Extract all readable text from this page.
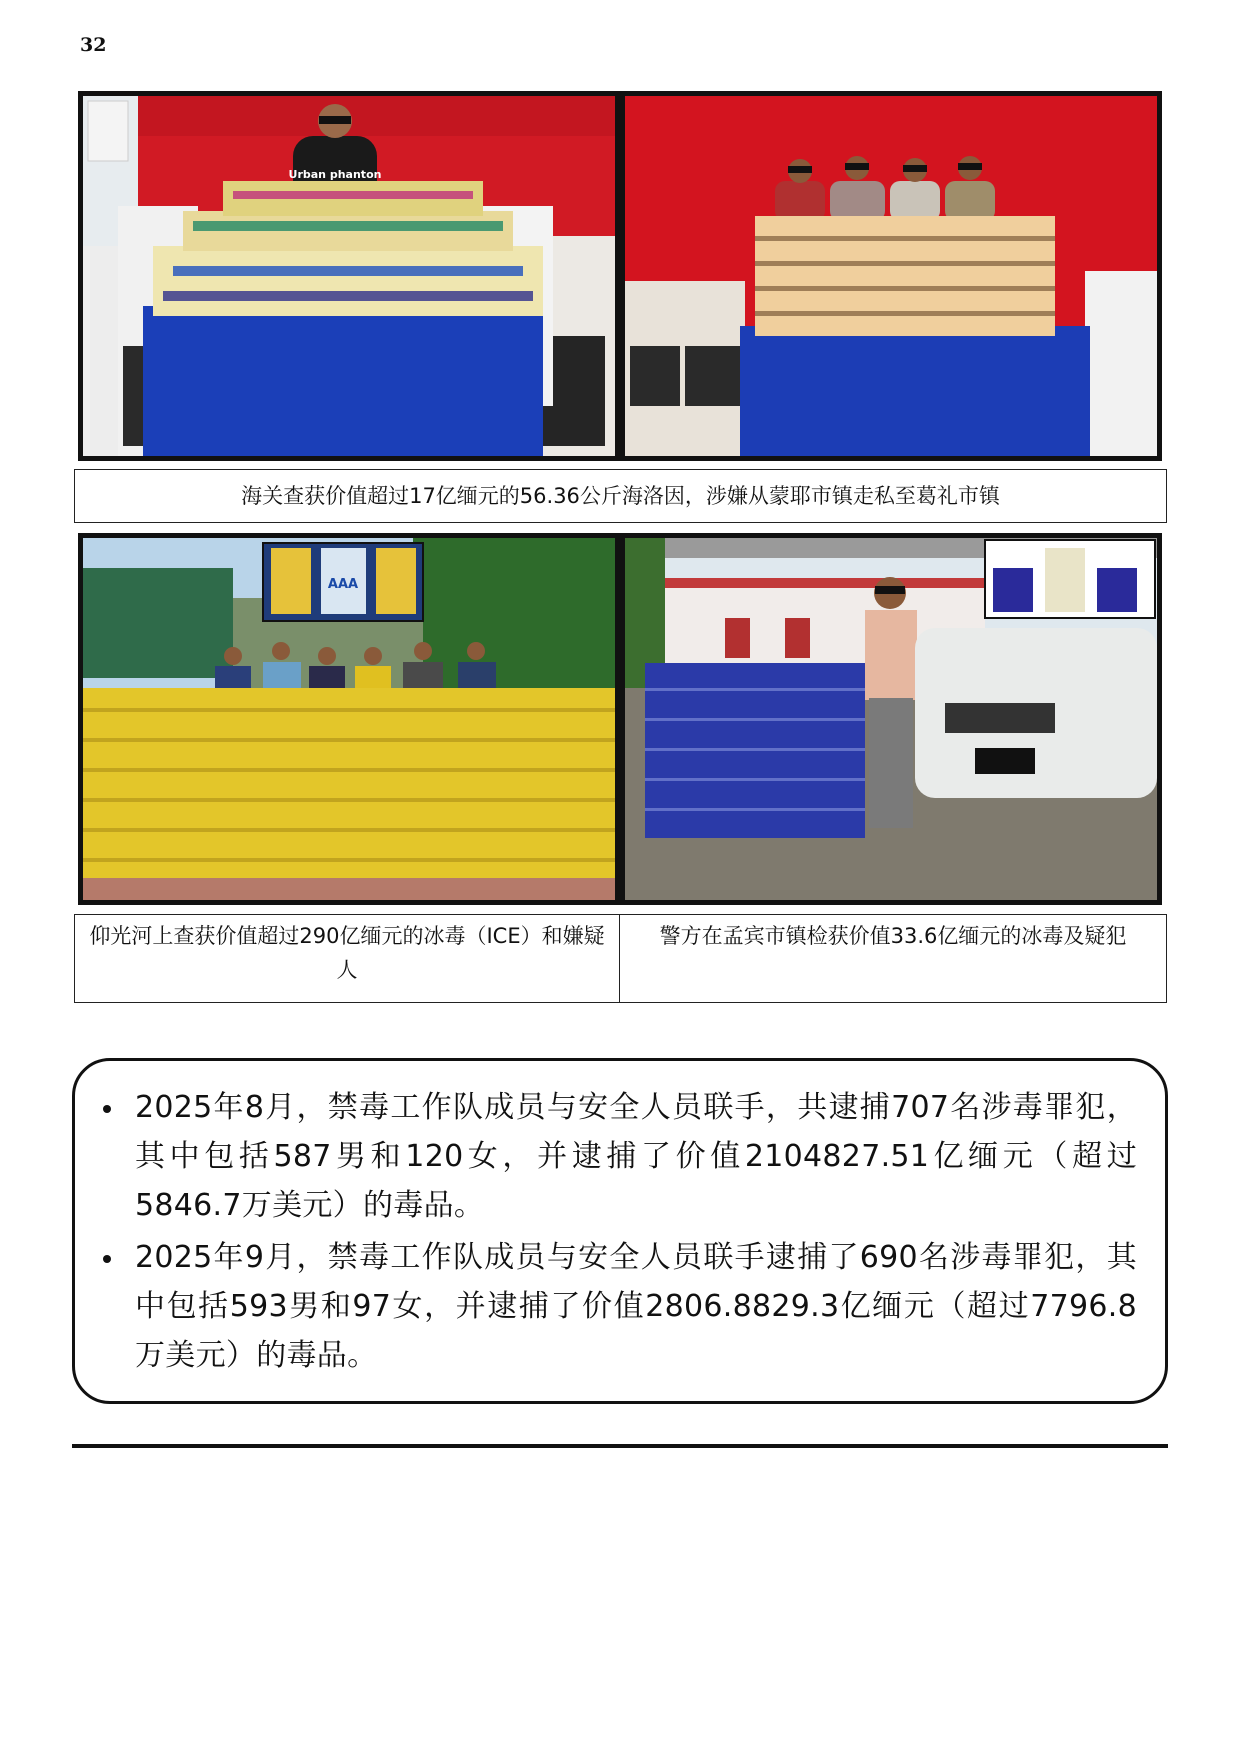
32
Urban phanton
海关查获价值超过17亿缅元的56.36公斤海洛因，涉嫌从蒙耶市镇走私至葛礼市镇
AAA
仰光河上查获价值超过290亿缅元的冰毒（ICE）和嫌疑人
警方在孟宾市镇检获价值33.6亿缅元的冰毒及疑犯
2025年8月，禁毒工作队成员与安全人员联手，共逮捕707名涉毒罪犯，其中包括587男和120女，并逮捕了价值2104827.51亿缅元（超过5846.7万美元）的毒品。
2025年9月，禁毒工作队成员与安全人员联手逮捕了690名涉毒罪犯，其中包括593男和97女，并逮捕了价值2806.8829.3亿缅元（超过7796.8万美元）的毒品。
